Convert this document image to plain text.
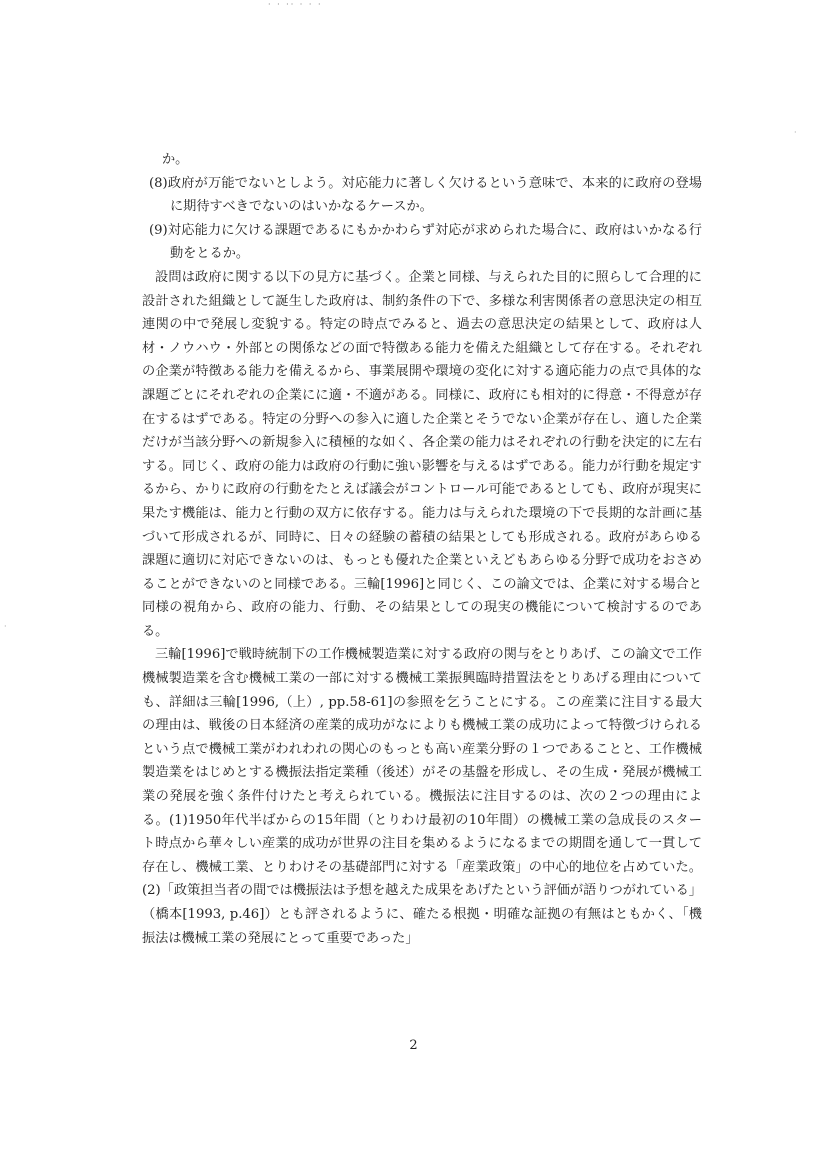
· · ·· · · ·
·
·

か。

(8)政府が万能でないとしよう。対応能力に著しく欠けるという意味で、本来的に政府の登場に期待すべきでないのはいかなるケースか。

(9)対応能力に欠ける課題であるにもかかわらず対応が求められた場合に、政府はいかなる行動をとるか。

設問は政府に関する以下の見方に基づく。企業と同様、与えられた目的に照らして合理的に設計された組織として誕生した政府は、制約条件の下で、多様な利害関係者の意思決定の相互連関の中で発展し変貌する。特定の時点でみると、過去の意思決定の結果として、政府は人材・ノウハウ・外部との関係などの面で特徴ある能力を備えた組織として存在する。それぞれの企業が特徴ある能力を備えるから、事業展開や環境の変化に対する適応能力の点で具体的な課題ごとにそれぞれの企業にに適・不適がある。同様に、政府にも相対的に得意・不得意が存在するはずである。特定の分野への参入に適した企業とそうでない企業が存在し、適した企業だけが当該分野への新規参入に積極的な如く、各企業の能力はそれぞれの行動を決定的に左右する。同じく、政府の能力は政府の行動に強い影響を与えるはずである。能力が行動を規定するから、かりに政府の行動をたとえば議会がコントロール可能であるとしても、政府が現実に果たす機能は、能力と行動の双方に依存する。能力は与えられた環境の下で長期的な計画に基づいて形成されるが、同時に、日々の経験の蓄積の結果としても形成される。政府があらゆる課題に適切に対応できないのは、もっとも優れた企業といえどもあらゆる分野で成功をおさめることができないのと同様である。三輪[1996]と同じく、この論文では、企業に対する場合と同様の視角から、政府の能力、行動、その結果としての現実の機能について検討するのである。

三輪[1996]で戦時統制下の工作機械製造業に対する政府の関与をとりあげ、この論文で工作機械製造業を含む機械工業の一部に対する機械工業振興臨時措置法をとりあげる理由についても、詳細は三輪[1996,（上）, pp.58-61]の参照を乞うことにする。この産業に注目する最大の理由は、戦後の日本経済の産業的成功がなによりも機械工業の成功によって特徴づけられるという点で機械工業がわれわれの関心のもっとも高い産業分野の１つであることと、工作機械製造業をはじめとする機振法指定業種（後述）がその基盤を形成し、その生成・発展が機械工業の発展を強く条件付けたと考えられている。機振法に注目するのは、次の２つの理由による。(1)1950年代半ばからの15年間（とりわけ最初の10年間）の機械工業の急成長のスタート時点から華々しい産業的成功が世界の注目を集めるようになるまでの期間を通して一貫して存在し、機械工業、とりわけその基礎部門に対する「産業政策」の中心的地位を占めていた。(2)「政策担当者の間では機振法は予想を越えた成果をあげたという評価が語りつがれている」（橋本[1993, p.46]）とも評されるように、確たる根拠・明確な証拠の有無はともかく、「機振法は機械工業の発展にとって重要であった」

2
